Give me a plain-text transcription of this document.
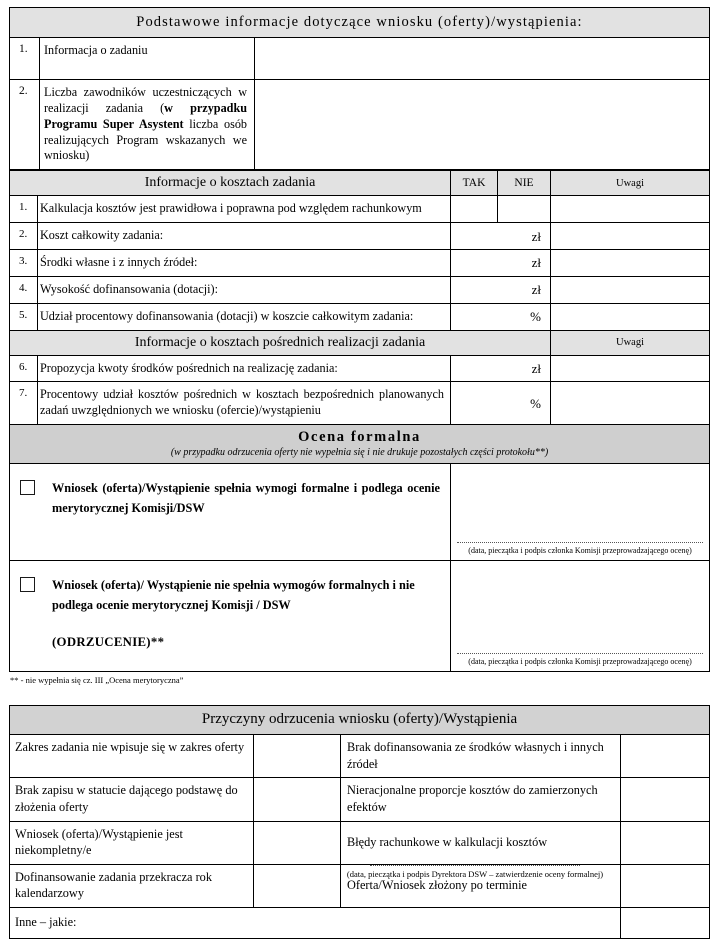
Podstawowe informacje dotyczące wniosku (oferty)/wystąpienia:		
1.	Informacja o zadaniu	
2.	Liczba zawodników uczestniczących w realizacji zadania (w przypadku Programu Super Asystent liczba osób realizujących Program wskazanych we wniosku)	
Informacje o kosztach zadania		TAK	NIE	Uwagi
1.	Kalkulacja kosztów jest prawidłowa i poprawna pod względem rachunkowym			
2.	Koszt całkowity zadania:	zł		
3.	Środki własne i z innych źródeł:	zł		
4.	Wysokość dofinansowania (dotacji):	zł		
5.	Udział procentowy dofinansowania (dotacji) w koszcie całkowitym zadania:	%		
Informacje o kosztach pośrednich realizacji zadania				Uwagi
6.	Propozycja kwoty środków pośrednich na realizację zadania:	zł		
7.	Procentowy udział kosztów pośrednich w kosztach bezpośrednich planowanych zadań uwzględnionych we wniosku (ofercie)/wystąpieniu	%		

Ocena formalna
(w przypadku odrzucenia oferty nie wypełnia się i nie drukuje pozostałych części protokołu**)				

Wniosek (oferta)/Wystąpienie spełnia wymogi formalne i podlega ocenie merytorycznej Komisji/DSW		(data, pieczątka i podpis członka Komisji przeprowadzającego ocenę)		

Wniosek (oferta)/ Wystąpienie nie spełnia wymogów formalnych i nie podlega ocenie merytorycznej Komisji / DSW
(ODRZUCENIE)**		(data, pieczątka i podpis członka Komisji przeprowadzającego ocenę)		
** - nie wypełnia się cz. III „Ocena merytoryczna”
Przyczyny odrzucenia wniosku (oferty)/Wystąpienia			
Zakres zadania nie wpisuje się w zakres oferty		Brak dofinansowania ze środków własnych i innych źródeł	
Brak zapisu w statucie dającego podstawę do złożenia oferty		Nieracjonalne proporcje kosztów do zamierzonych efektów	
Wniosek (oferta)/Wystąpienie jest niekompletny/e		Błędy rachunkowe w kalkulacji kosztów	
Dofinansowanie zadania przekracza rok kalendarzowy		Oferta/Wniosek złożony po terminie	
Inne – jakie:			
(data, pieczątka i podpis Dyrektora DSW – zatwierdzenie oceny formalnej)
